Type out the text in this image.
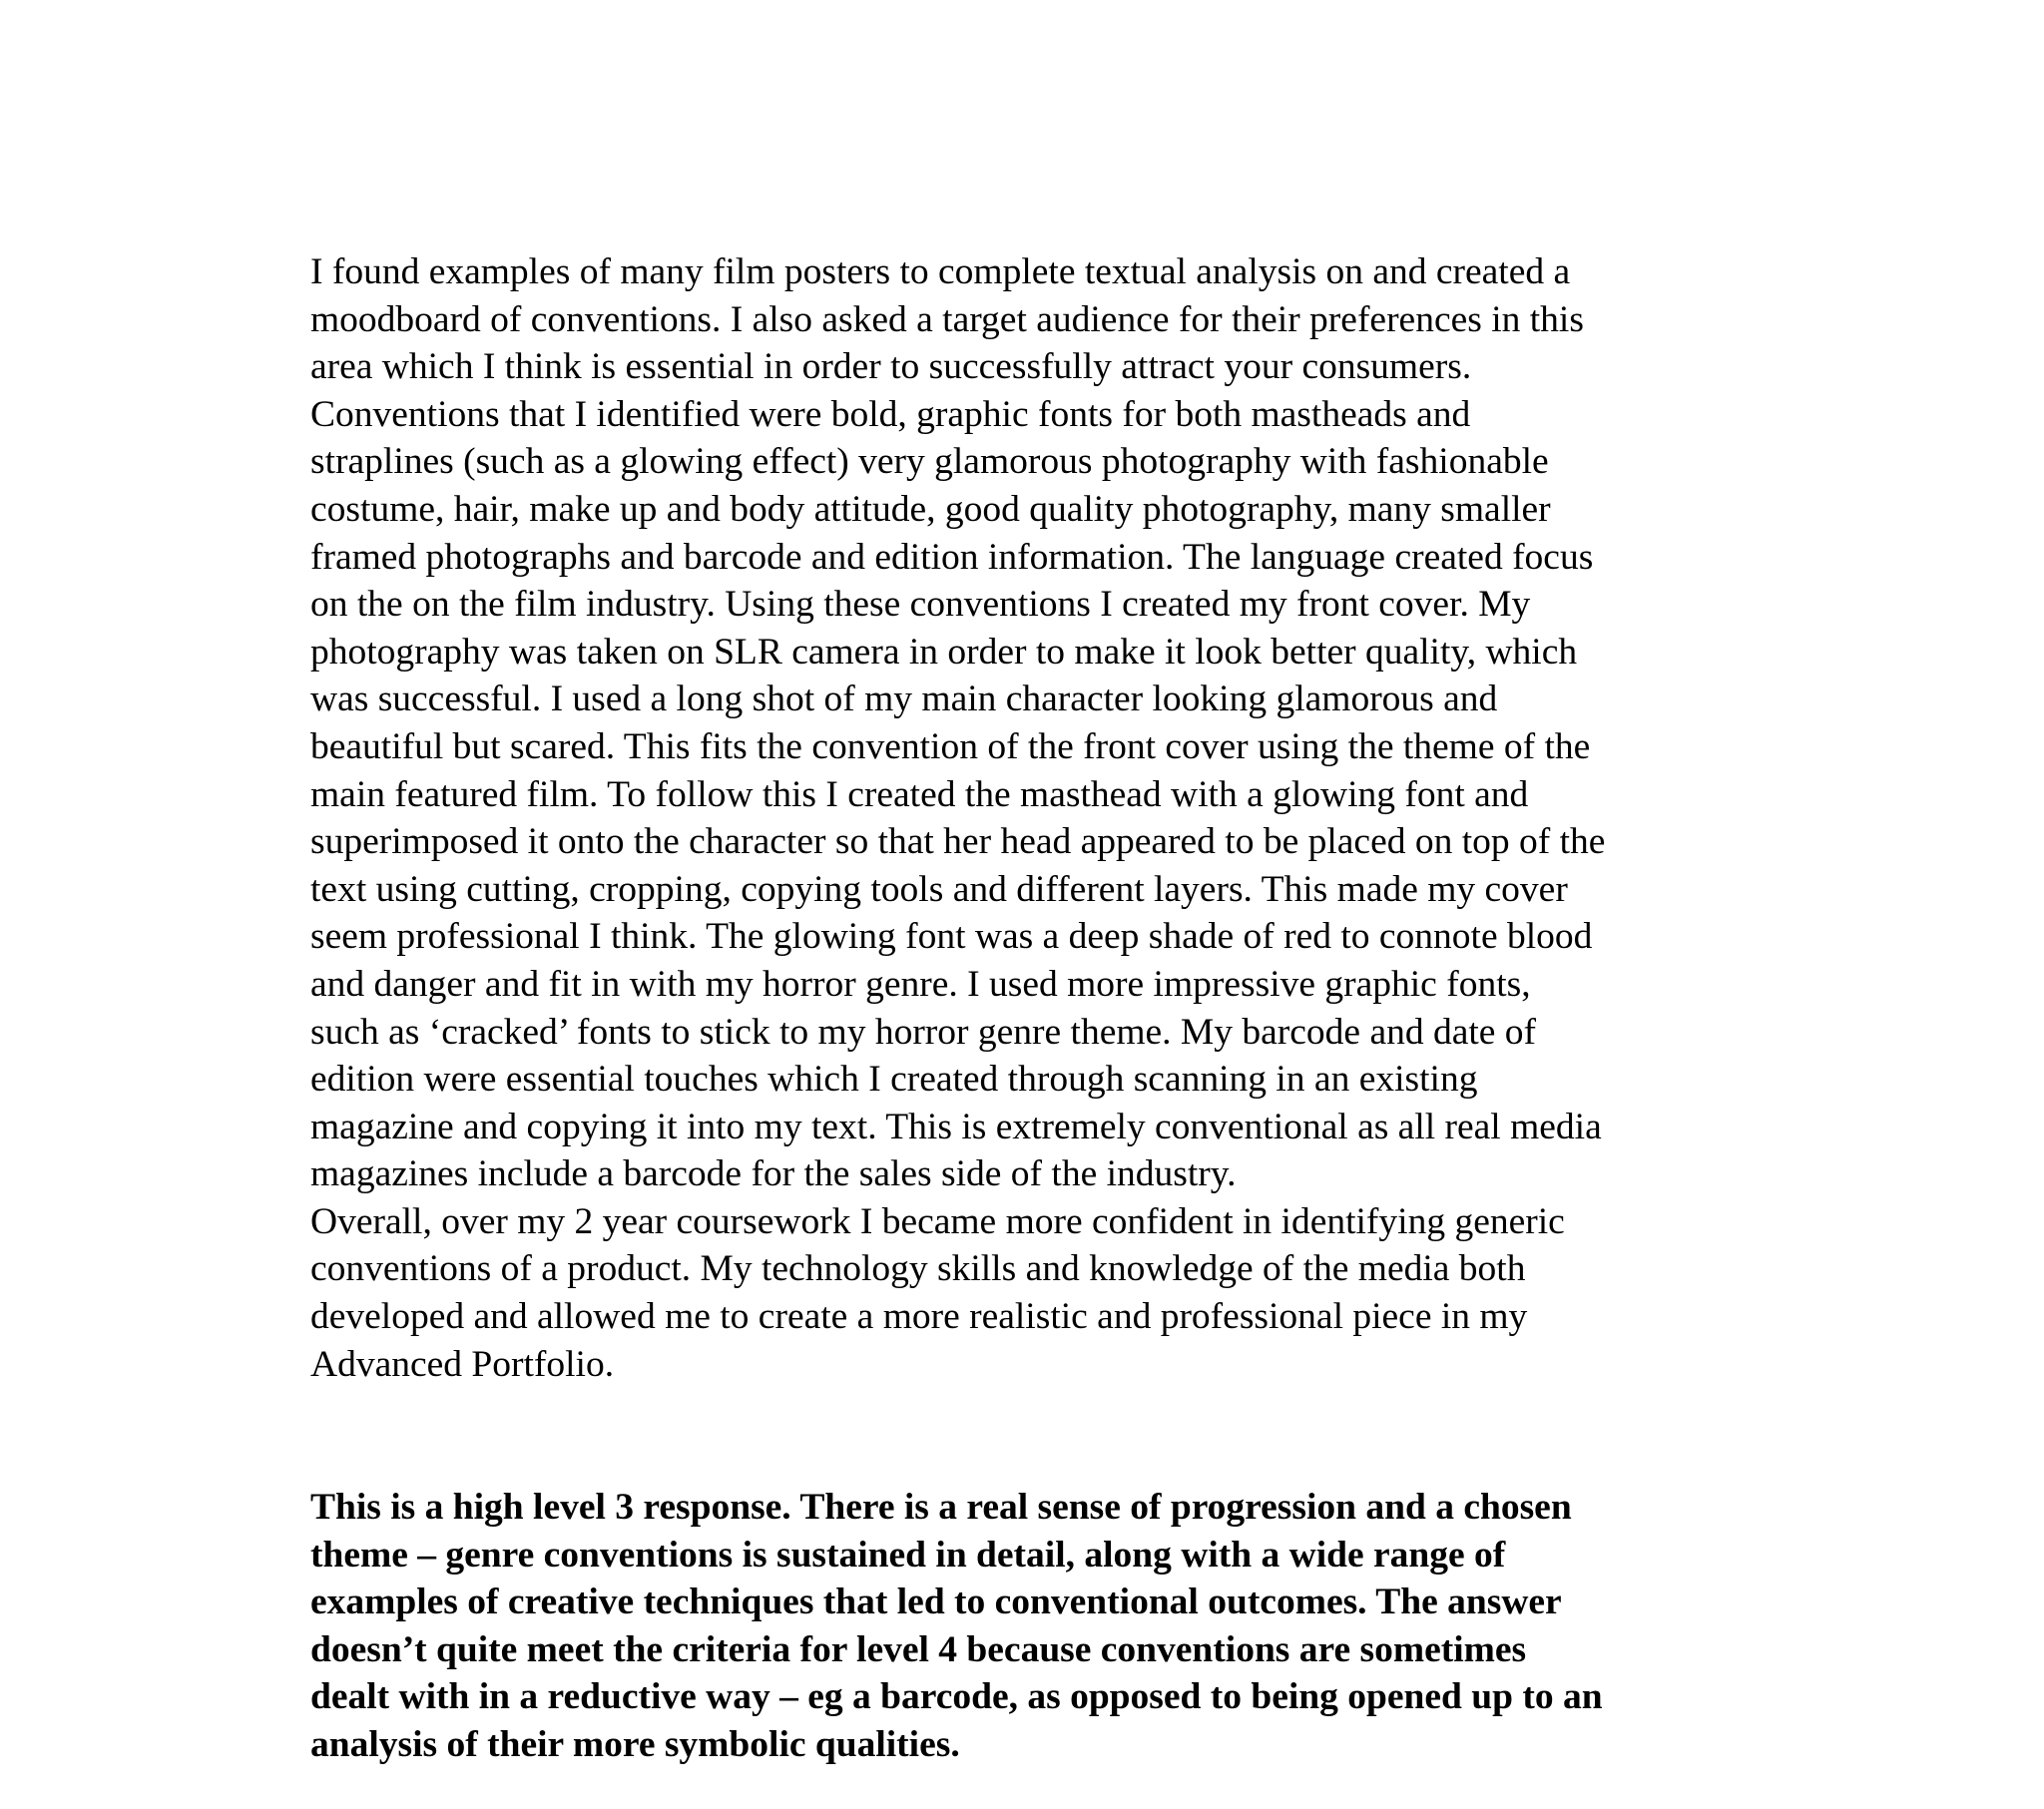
I found examples of many film posters to complete textual analysis on and created a
moodboard of conventions. I also asked a target audience for their preferences in this
area which I think is essential in order to successfully attract your consumers.
Conventions that I identified were bold, graphic fonts for both mastheads and
straplines (such as a glowing effect) very glamorous photography with fashionable
costume, hair, make up and body attitude, good quality photography, many smaller
framed photographs and barcode and edition information. The language created focus
on the on the film industry. Using these conventions I created my front cover. My
photography was taken on SLR camera in order to make it look better quality, which
was successful. I used a long shot of my main character looking glamorous and
beautiful but scared. This fits the convention of the front cover using the theme of the
main featured film. To follow this I created the masthead with a glowing font and
superimposed it onto the character so that her head appeared to be placed on top of the
text using cutting, cropping, copying tools and different layers. This made my cover
seem professional I think. The glowing font was a deep shade of red to connote blood
and danger and fit in with my horror genre. I used more impressive graphic fonts,
such as ‘cracked’ fonts to stick to my horror genre theme. My barcode and date of
edition were essential touches which I created through scanning in an existing
magazine and copying it into my text. This is extremely conventional as all real media
magazines include a barcode for the sales side of the industry.
Overall, over my 2 year coursework I became more confident in identifying generic
conventions of a product. My technology skills and knowledge of the media both
developed and allowed me to create a more realistic and professional piece in my
Advanced Portfolio.
This is a high level 3 response. There is a real sense of progression and a chosen
theme – genre conventions is sustained in detail, along with a wide range of
examples of creative techniques that led to conventional outcomes. The answer
doesn’t quite meet the criteria for level 4 because conventions are sometimes
dealt with in a reductive way – eg a barcode, as opposed to being opened up to an
analysis of their more symbolic qualities.
